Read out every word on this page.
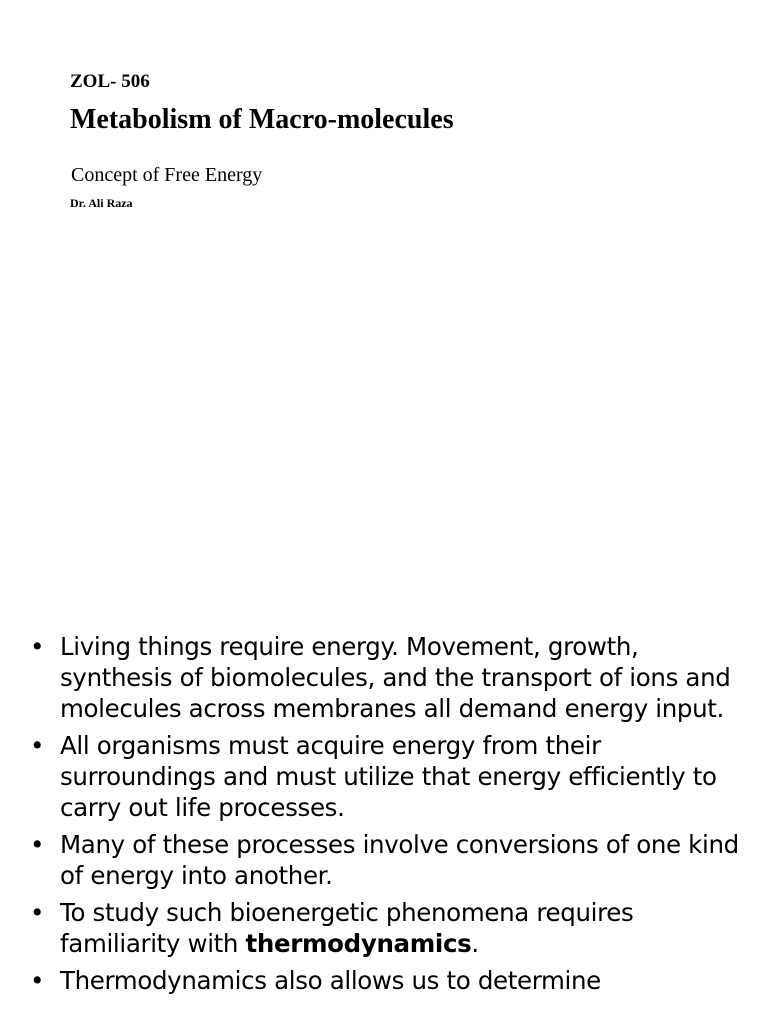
ZOL- 506
Metabolism of Macro-molecules
Concept of Free Energy
Dr. Ali Raza
• Living things require energy. Movement, growth, synthesis of biomolecules, and the transport of ions and molecules across membranes all demand energy input.
• All organisms must acquire energy from their surroundings and must utilize that energy efficiently to carry out life processes.
• Many of these processes involve conversions of one kind of energy into another.
• To study such bioenergetic phenomena requires familiarity with thermodynamics.
• Thermodynamics also allows us to determine
